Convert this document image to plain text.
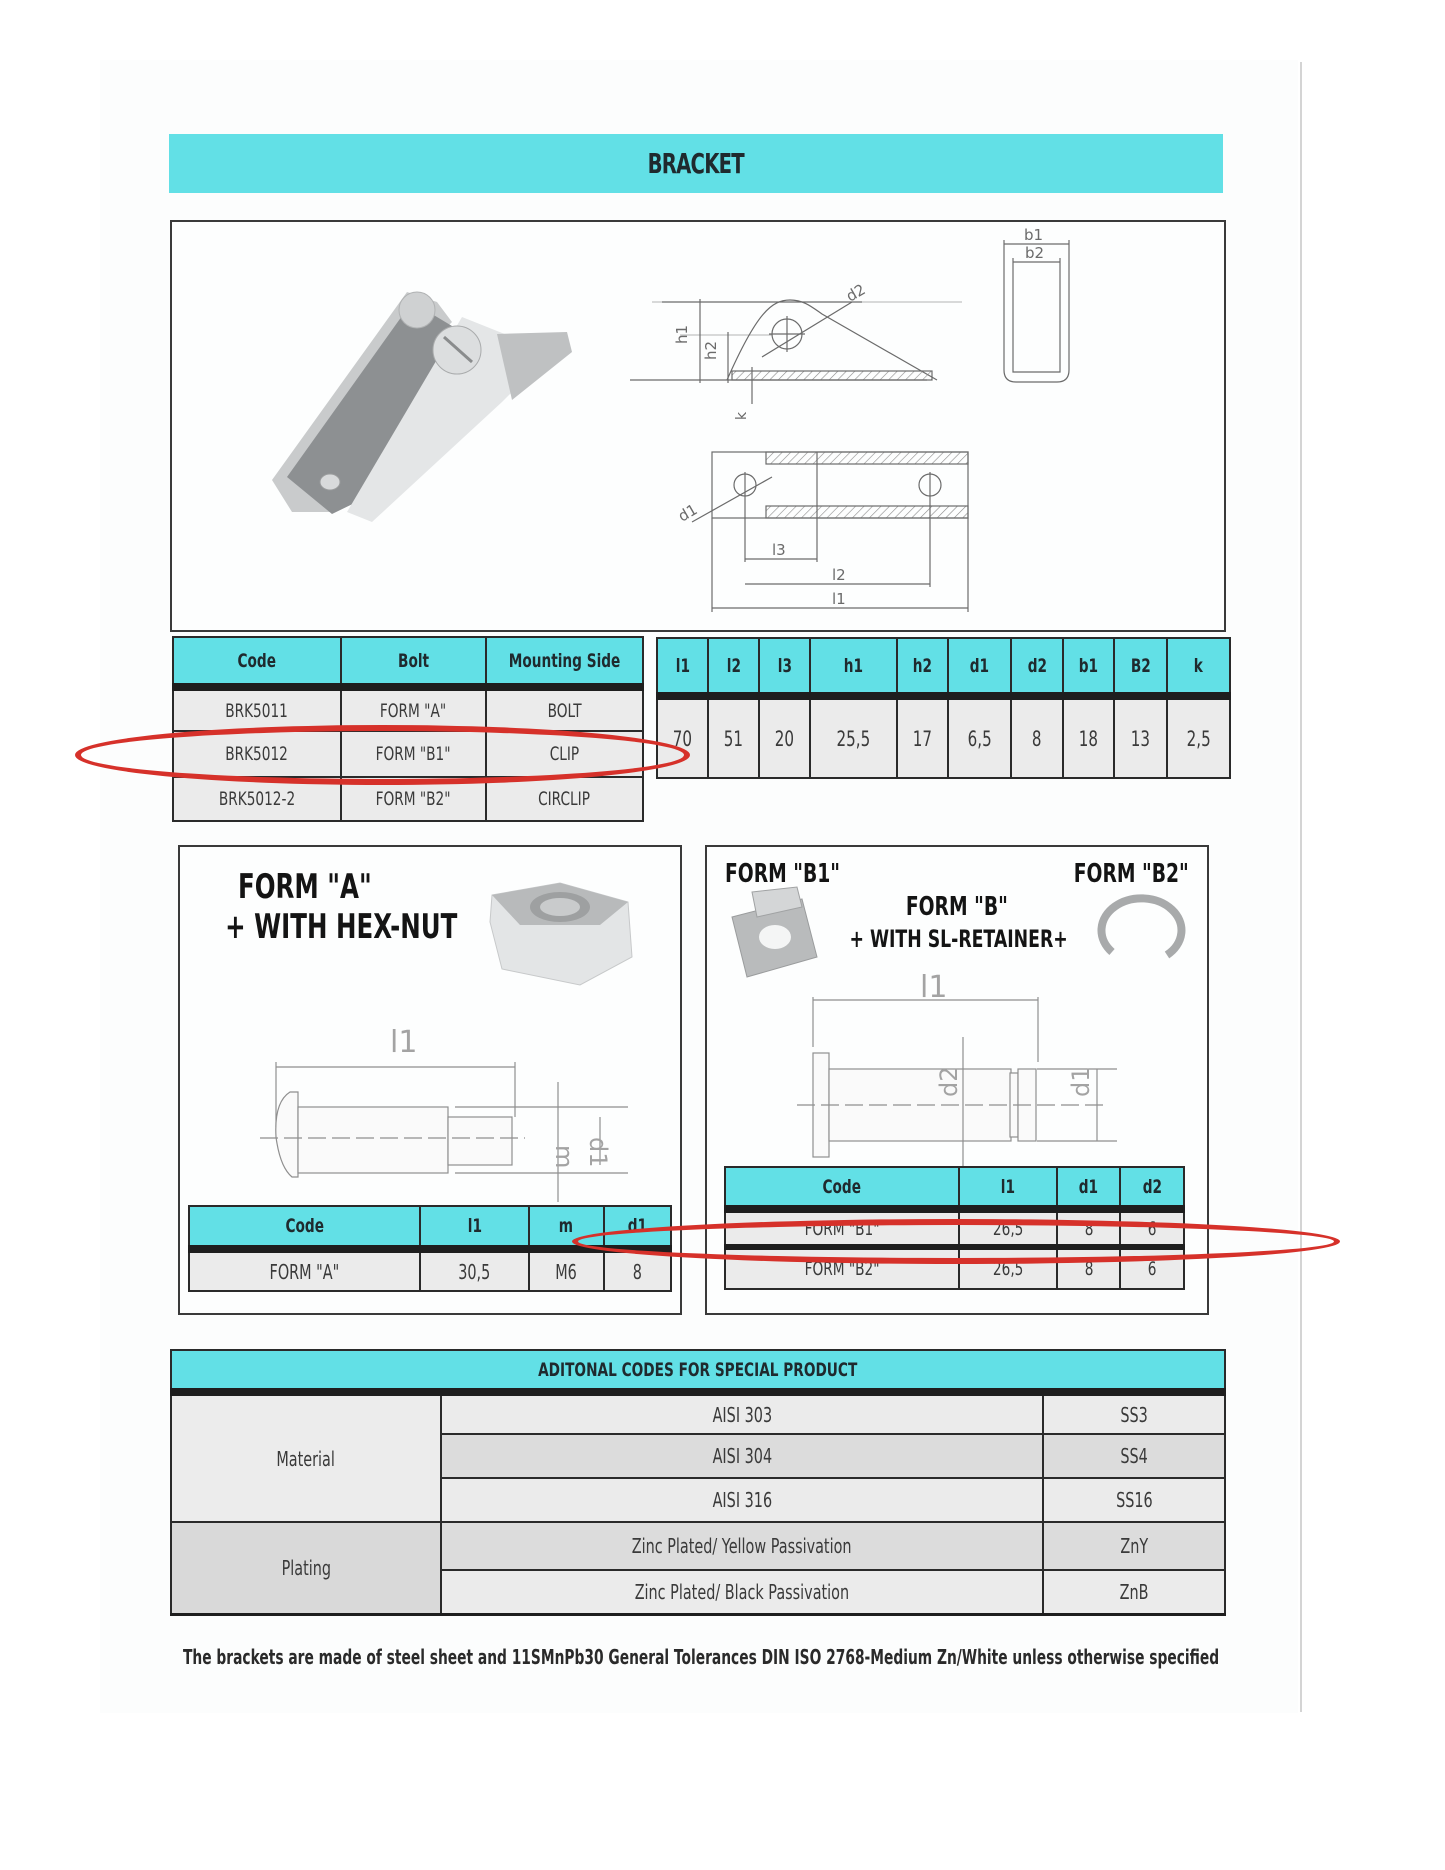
BRACKET
h1
h2
k
d2
b1
b2
d1
l3
l2
l1
Code	Bolt	Mounting Side
BRK5011	FORM "A"	BOLT
BRK5012	FORM "B1"	CLIP
BRK5012-2	FORM "B2"	CIRCLIP
l1	l2	l3	h1	h2	d1	d2	b1	B2	k
70	51	20	25,5	17	6,5	8	18	13	2,5
FORM "A"
+ WITH HEX-NUT
l1
m d1
Code	l1	m	d1
FORM "A"	30,5	M6	8
FORM "B1"	FORM "B2"
FORM "B"
+ WITH SL-RETAINER+
l1
d2	d1
Code	l1	d1	d2
FORM "B1"	26,5	8	6
FORM "B2"	26,5	8	6
ADITONAL CODES FOR SPECIAL PRODUCT		
Material	AISI 303	SS3
	AISI 304	SS4
	AISI 316	SS16
Plating	Zinc Plated/ Yellow Passivation	ZnY
	Zinc Plated/ Black Passivation	ZnB
The brackets are made of steel sheet and 11SMnPb30 General Tolerances DIN ISO 2768-Medium Zn/White unless otherwise specified
